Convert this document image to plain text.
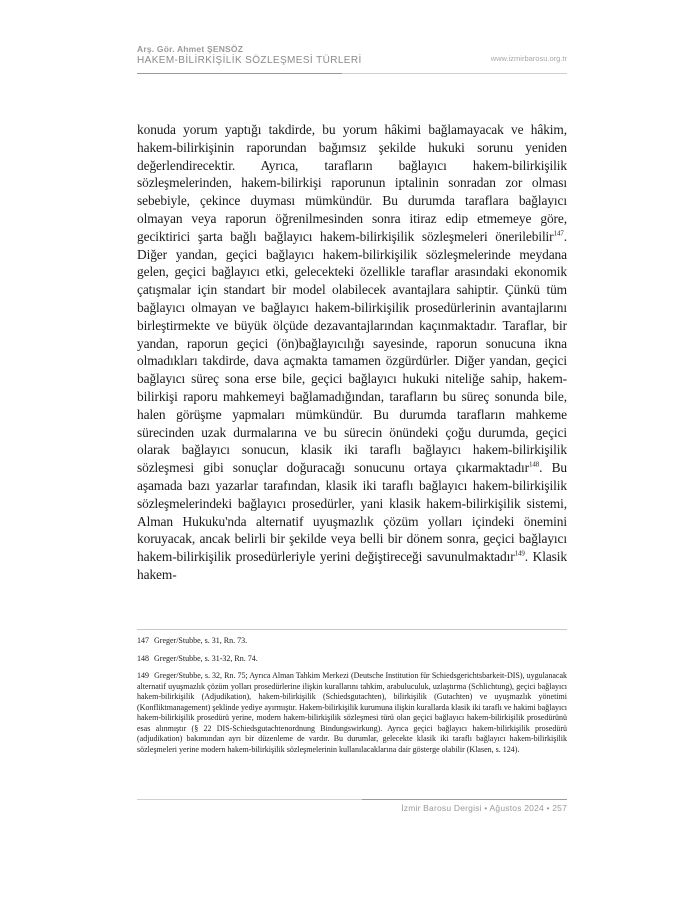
Arş. Gör. Ahmet ŞENSÖZ
HAKEM-BİLİRKİŞİLİK SÖZLEŞMESİ TÜRLERİ	www.izmirbarosu.org.tr

konuda yorum yaptığı takdirde, bu yorum hâkimi bağlamayacak ve hâkim, hakem-bilirkişinin raporundan bağımsız şekilde hukuki sorunu yeniden değerlendirecektir. Ayrıca, tarafların bağlayıcı hakem-bilirkişilik sözleşmelerinden, hakem-bilirkişi raporunun iptalinin sonradan zor olması sebebiyle, çekince duyması mümkündür. Bu durumda taraflara bağlayıcı olmayan veya raporun öğrenilmesinden sonra itiraz edip etmemeye göre, geciktirici şarta bağlı bağlayıcı hakem-bilirkişilik sözleşmeleri önerilebilir$^{147}$. Diğer yandan, geçici bağlayıcı hakem-bilirkişilik sözleşmelerinde meydana gelen, geçici bağlayıcı etki, gelecekteki özellikle taraflar arasındaki ekonomik çatışmalar için standart bir model olabilecek avantajlara sahiptir. Çünkü tüm bağlayıcı olmayan ve bağlayıcı hakem-bilirkişilik prosedürlerinin avantajlarını birleştirmekte ve büyük ölçüde dezavantajlarından kaçınmaktadır. Taraflar, bir yandan, raporun geçici (ön)bağlayıcılığı sayesinde, raporun sonucuna ikna olmadıkları takdirde, dava açmakta tamamen özgürdürler. Diğer yandan, geçici bağlayıcı süreç sona erse bile, geçici bağlayıcı hukuki niteliğe sahip, hakem-bilirkişi raporu mahkemeyi bağlamadığından, tarafların bu süreç sonunda bile, halen görüşme yapmaları mümkündür. Bu durumda tarafların mahkeme sürecinden uzak durmalarına ve bu sürecin önündeki çoğu durumda, geçici olarak bağlayıcı sonucun, klasik iki taraflı bağlayıcı hakem-bilirkişilik sözleşmesi gibi sonuçlar doğuracağı sonucunu ortaya çıkarmaktadır$^{148}$. Bu aşamada bazı yazarlar tarafından, klasik iki taraflı bağlayıcı hakem-bilirkişilik sözleşmelerindeki bağlayıcı prosedürler, yani klasik hakem-bilirkişilik sistemi, Alman Hukuku'nda alternatif uyuşmazlık çözüm yolları içindeki önemini koruyacak, ancak belirli bir şekilde veya belli bir dönem sonra, geçici bağlayıcı hakem-bilirkişilik prosedürleriyle yerini değiştireceği savunulmaktadır$^{149}$. Klasik hakem-

147 Greger/Stubbe, s. 31, Rn. 73.
148 Greger/Stubbe, s. 31-32, Rn. 74.
149 Greger/Stubbe, s. 32, Rn. 75; Ayrıca Alman Tahkim Merkezi (Deutsche Institution für Schiedsgerichtsbarkeit-DIS), uygulanacak alternatif uyuşmazlık çözüm yolları prosedürlerine ilişkin kurallarını tahkim, arabuluculuk, uzlaştırma (Schlichtung), geçici bağlayıcı hakem-bilirkişilik (Adjudikation), hakem-bilirkişilik (Schiedsgutachten), bilirkişilik (Gutachten) ve uyuşmazlık yönetimi (Konfliktmanagement) şeklinde yediye ayırmıştır. Hakem-bilirkişilik kurumuna ilişkin kurallarda klasik iki taraflı ve hakimi bağlayıcı hakem-bilirkişilik prosedürü yerine, modern hakem-bilirkişilik sözleşmesi türü olan geçici bağlayıcı hakem-bilirkişilik prosedürünü esas alınmıştır (§ 22 DIS-Schiedsgutachtenordnung Bindungswirkung). Ayrıca geçici bağlayıcı hakem-bilirkişilik prosedürü (adjudikation) bakımından ayrı bir düzenleme de vardır. Bu durumlar, gelecekte klasik iki taraflı bağlayıcı hakem-bilirkişilik sözleşmeleri yerine modern hakem-bilirkişilik sözleşmelerinin kullanılacaklarına dair gösterge olabilir (Klasen, s. 124).
İzmir Barosu Dergisi • Ağustos 2024 • 257
